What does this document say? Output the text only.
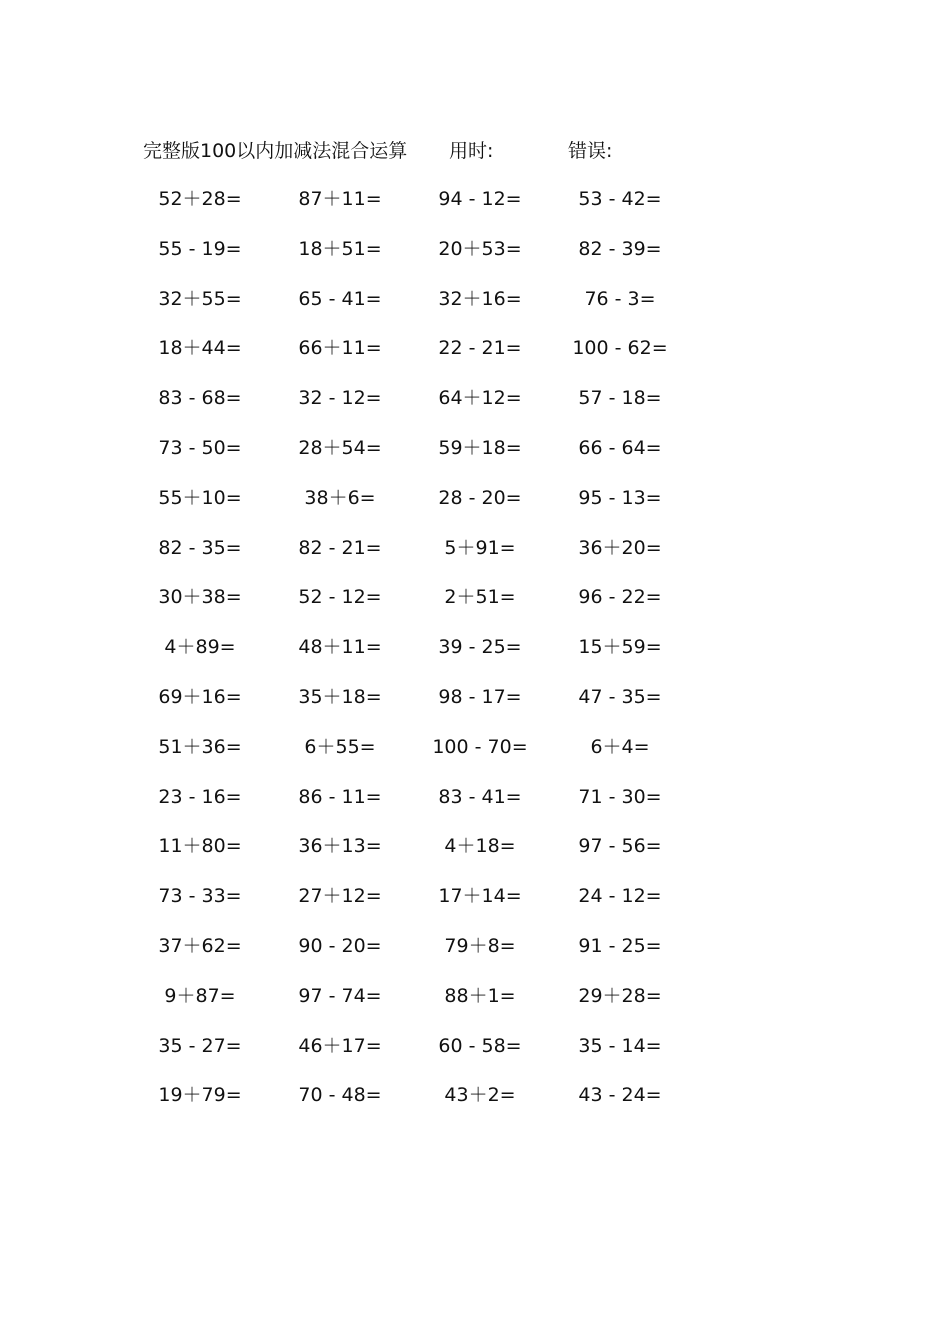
完整版100以内加减法混合运算 用时:	错误:
52＋28=	87＋11=	94 - 12=	53 - 42=
55 - 19=	18＋51=	20＋53=	82 - 39=
32＋55=	65 - 41=	32＋16=	76 - 3=
18＋44=	66＋11=	22 - 21=	100 - 62=
83 - 68=	32 - 12=	64＋12=	57 - 18=
73 - 50=	28＋54=	59＋18=	66 - 64=
55＋10=	38＋6=	28 - 20=	95 - 13=
82 - 35=	82 - 21=	5＋91=	36＋20=
30＋38=	52 - 12=	2＋51=	96 - 22=
4＋89=	48＋11=	39 - 25=	15＋59=
69＋16=	35＋18=	98 - 17=	47 - 35=
51＋36=	6＋55=	100 - 70=	6＋4=
23 - 16=	86 - 11=	83 - 41=	71 - 30=
11＋80=	36＋13=	4＋18=	97 - 56=
73 - 33=	27＋12=	17＋14=	24 - 12=
37＋62=	90 - 20=	79＋8=	91 - 25=
9＋87=	97 - 74=	88＋1=	29＋28=
35 - 27=	46＋17=	60 - 58=	35 - 14=
19＋79=	70 - 48=	43＋2=	43 - 24=
